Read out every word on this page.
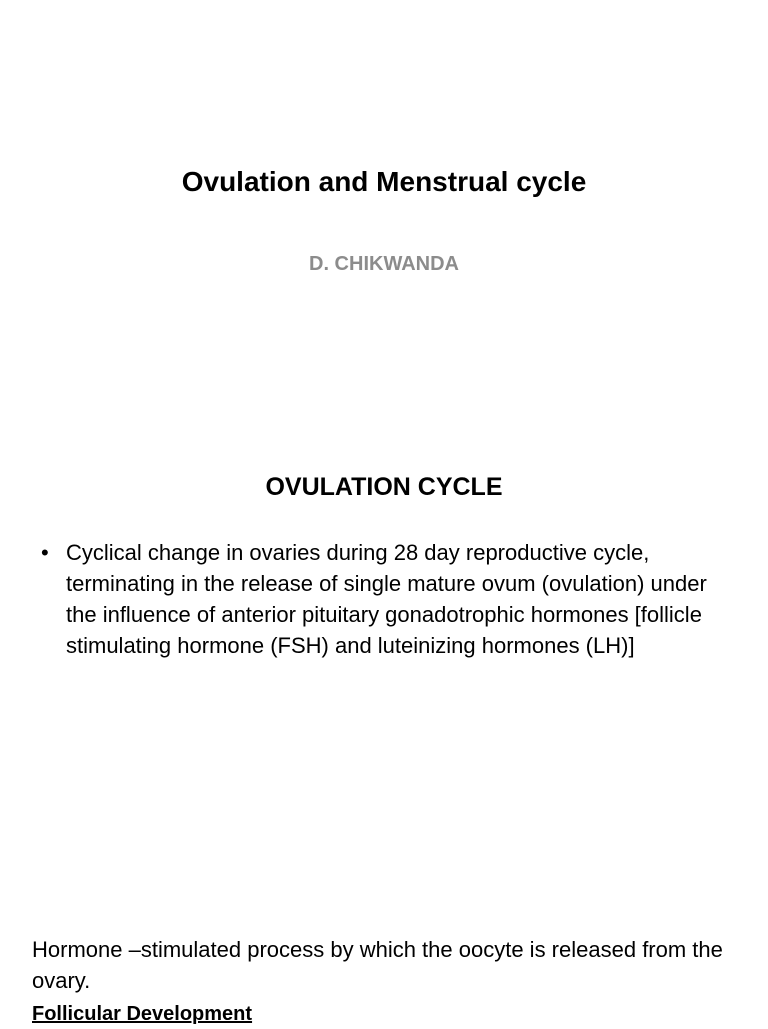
Ovulation and Menstrual cycle

D. CHIKWANDA

OVULATION CYCLE
• Cyclical change in ovaries during 28 day reproductive cycle, terminating in the release of single mature ovum (ovulation) under the influence of anterior pituitary gonadotrophic hormones [follicle stimulating hormone (FSH) and luteinizing hormones (LH)]

Hormone –stimulated process by which the oocyte is released from the ovary.

Follicular Development
